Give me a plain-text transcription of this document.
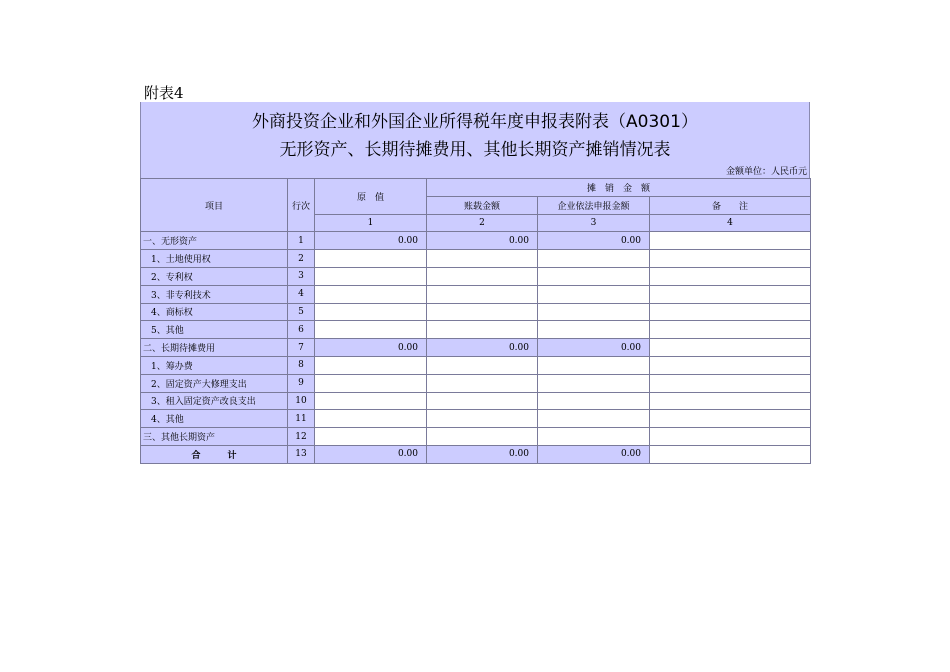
附表4
外商投资企业和外国企业所得税年度申报表附表（A0301）
无形资产、长期待摊费用、其他长期资产摊销情况表
金额单位：人民币元
项目	行次	原　值	摊　销　金　额		
			账载金额	企业依法申报金额	备　　注
		1	2	3	4
一、无形资产	1	0.00	0.00	0.00	
1、土地使用权	2				
2、专利权	3				
3、非专利技术	4				
4、商标权	5				
5、其他	6				
二、长期待摊费用	7	0.00	0.00	0.00	
1、筹办费	8				
2、固定资产大修理支出	9				
3、租入固定资产改良支出	10				
4、其他	11				
三、其他长期资产	12				
合　　　计	13	0.00	0.00	0.00	
